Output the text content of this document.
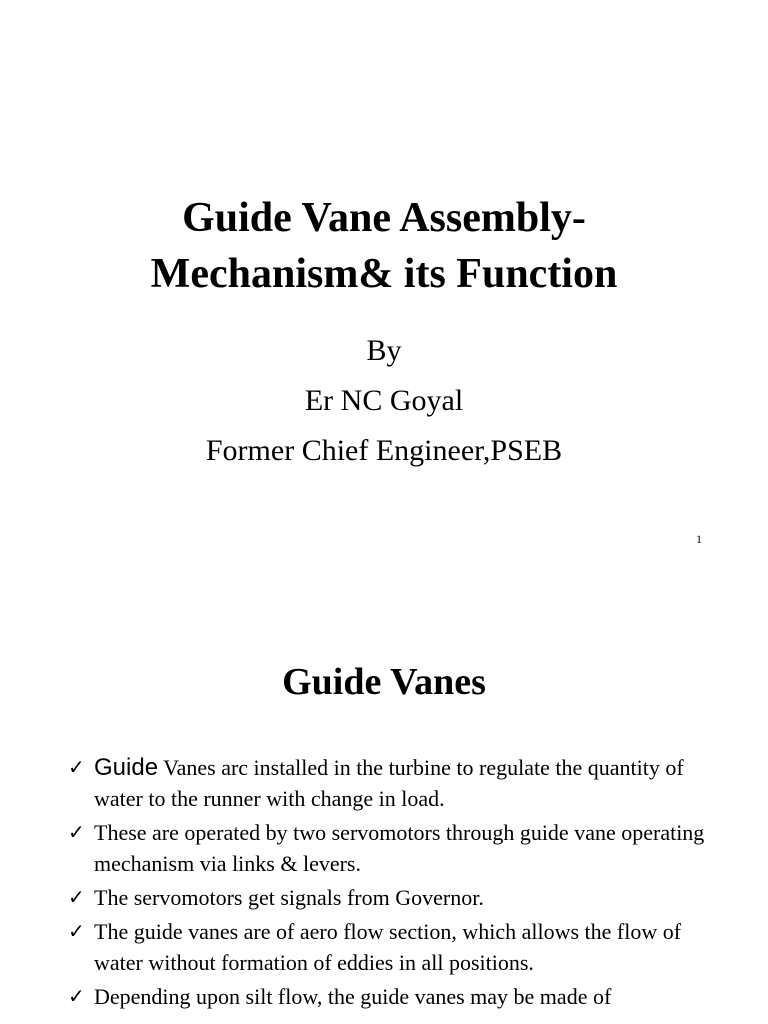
Guide Vane Assembly-
Mechanism& its Function
By
Er NC Goyal
Former Chief Engineer,PSEB
1
Guide Vanes
✓ Guide Vanes arc installed in the turbine to regulate the quantity of water to the runner with change in load.
✓ These are operated by two servomotors through guide vane operating mechanism via links & levers.
✓ The servomotors get signals from Governor.
✓ The guide vanes are of aero flow section, which allows the flow of water without formation of eddies in all positions.
✓ Depending upon silt flow, the guide vanes may be made of
